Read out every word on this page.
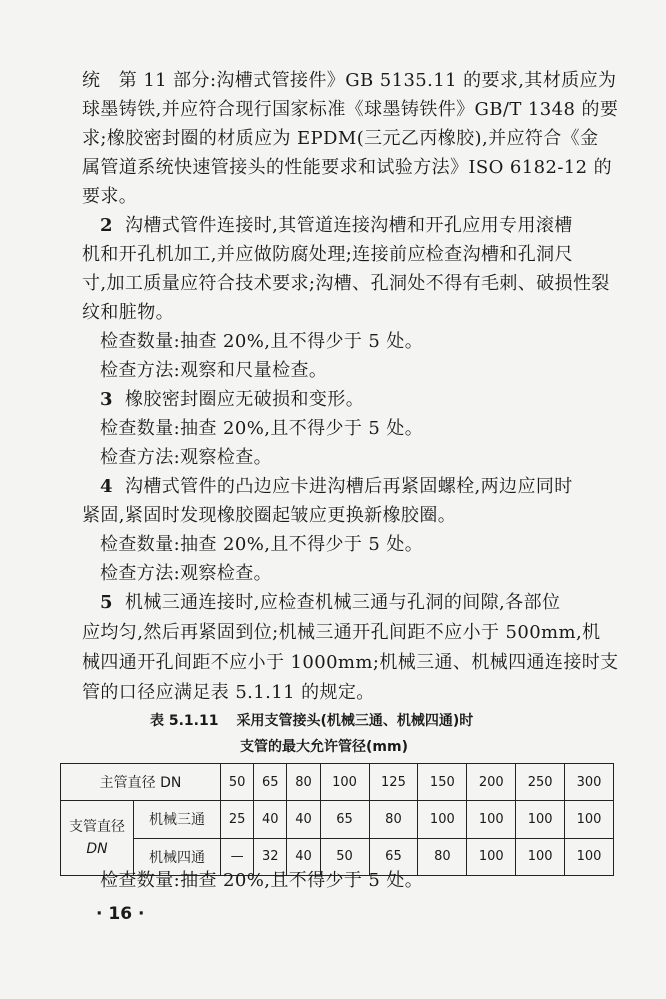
统　第 11 部分:沟槽式管接件》GB 5135.11 的要求,其材质应为
球墨铸铁,并应符合现行国家标准《球墨铸铁件》GB/T 1348 的要
求;橡胶密封圈的材质应为 EPDM(三元乙丙橡胶),并应符合《金
属管道系统快速管接头的性能要求和试验方法》ISO 6182-12 的
要求。
2 沟槽式管件连接时,其管道连接沟槽和开孔应用专用滚槽
机和开孔机加工,并应做防腐处理;连接前应检查沟槽和孔洞尺
寸,加工质量应符合技术要求;沟槽、孔洞处不得有毛刺、破损性裂
纹和脏物。
检查数量:抽查 20%,且不得少于 5 处。
检查方法:观察和尺量检查。
3 橡胶密封圈应无破损和变形。
检查数量:抽查 20%,且不得少于 5 处。
检查方法:观察检查。
4 沟槽式管件的凸边应卡进沟槽后再紧固螺栓,两边应同时
紧固,紧固时发现橡胶圈起皱应更换新橡胶圈。
检查数量:抽查 20%,且不得少于 5 处。
检查方法:观察检查。
5 机械三通连接时,应检查机械三通与孔洞的间隙,各部位
应均匀,然后再紧固到位;机械三通开孔间距不应小于 500mm,机
械四通开孔间距不应小于 1000mm;机械三通、机械四通连接时支
管的口径应满足表 5.1.11 的规定。
主管直径 DN		50	65	80	100	125	150	200	250	300

支管直径
DN	机械三通	25	40	40	65	80	100	100	100	100
	机械四通	—	32	40	50	65	80	100	100	100
检查数量:抽查 20%,且不得少于 5 处。
· 16 ·
表 5.1.11 采用支管接头(机械三通、机械四通)时
支管的最大允许管径(mm)
